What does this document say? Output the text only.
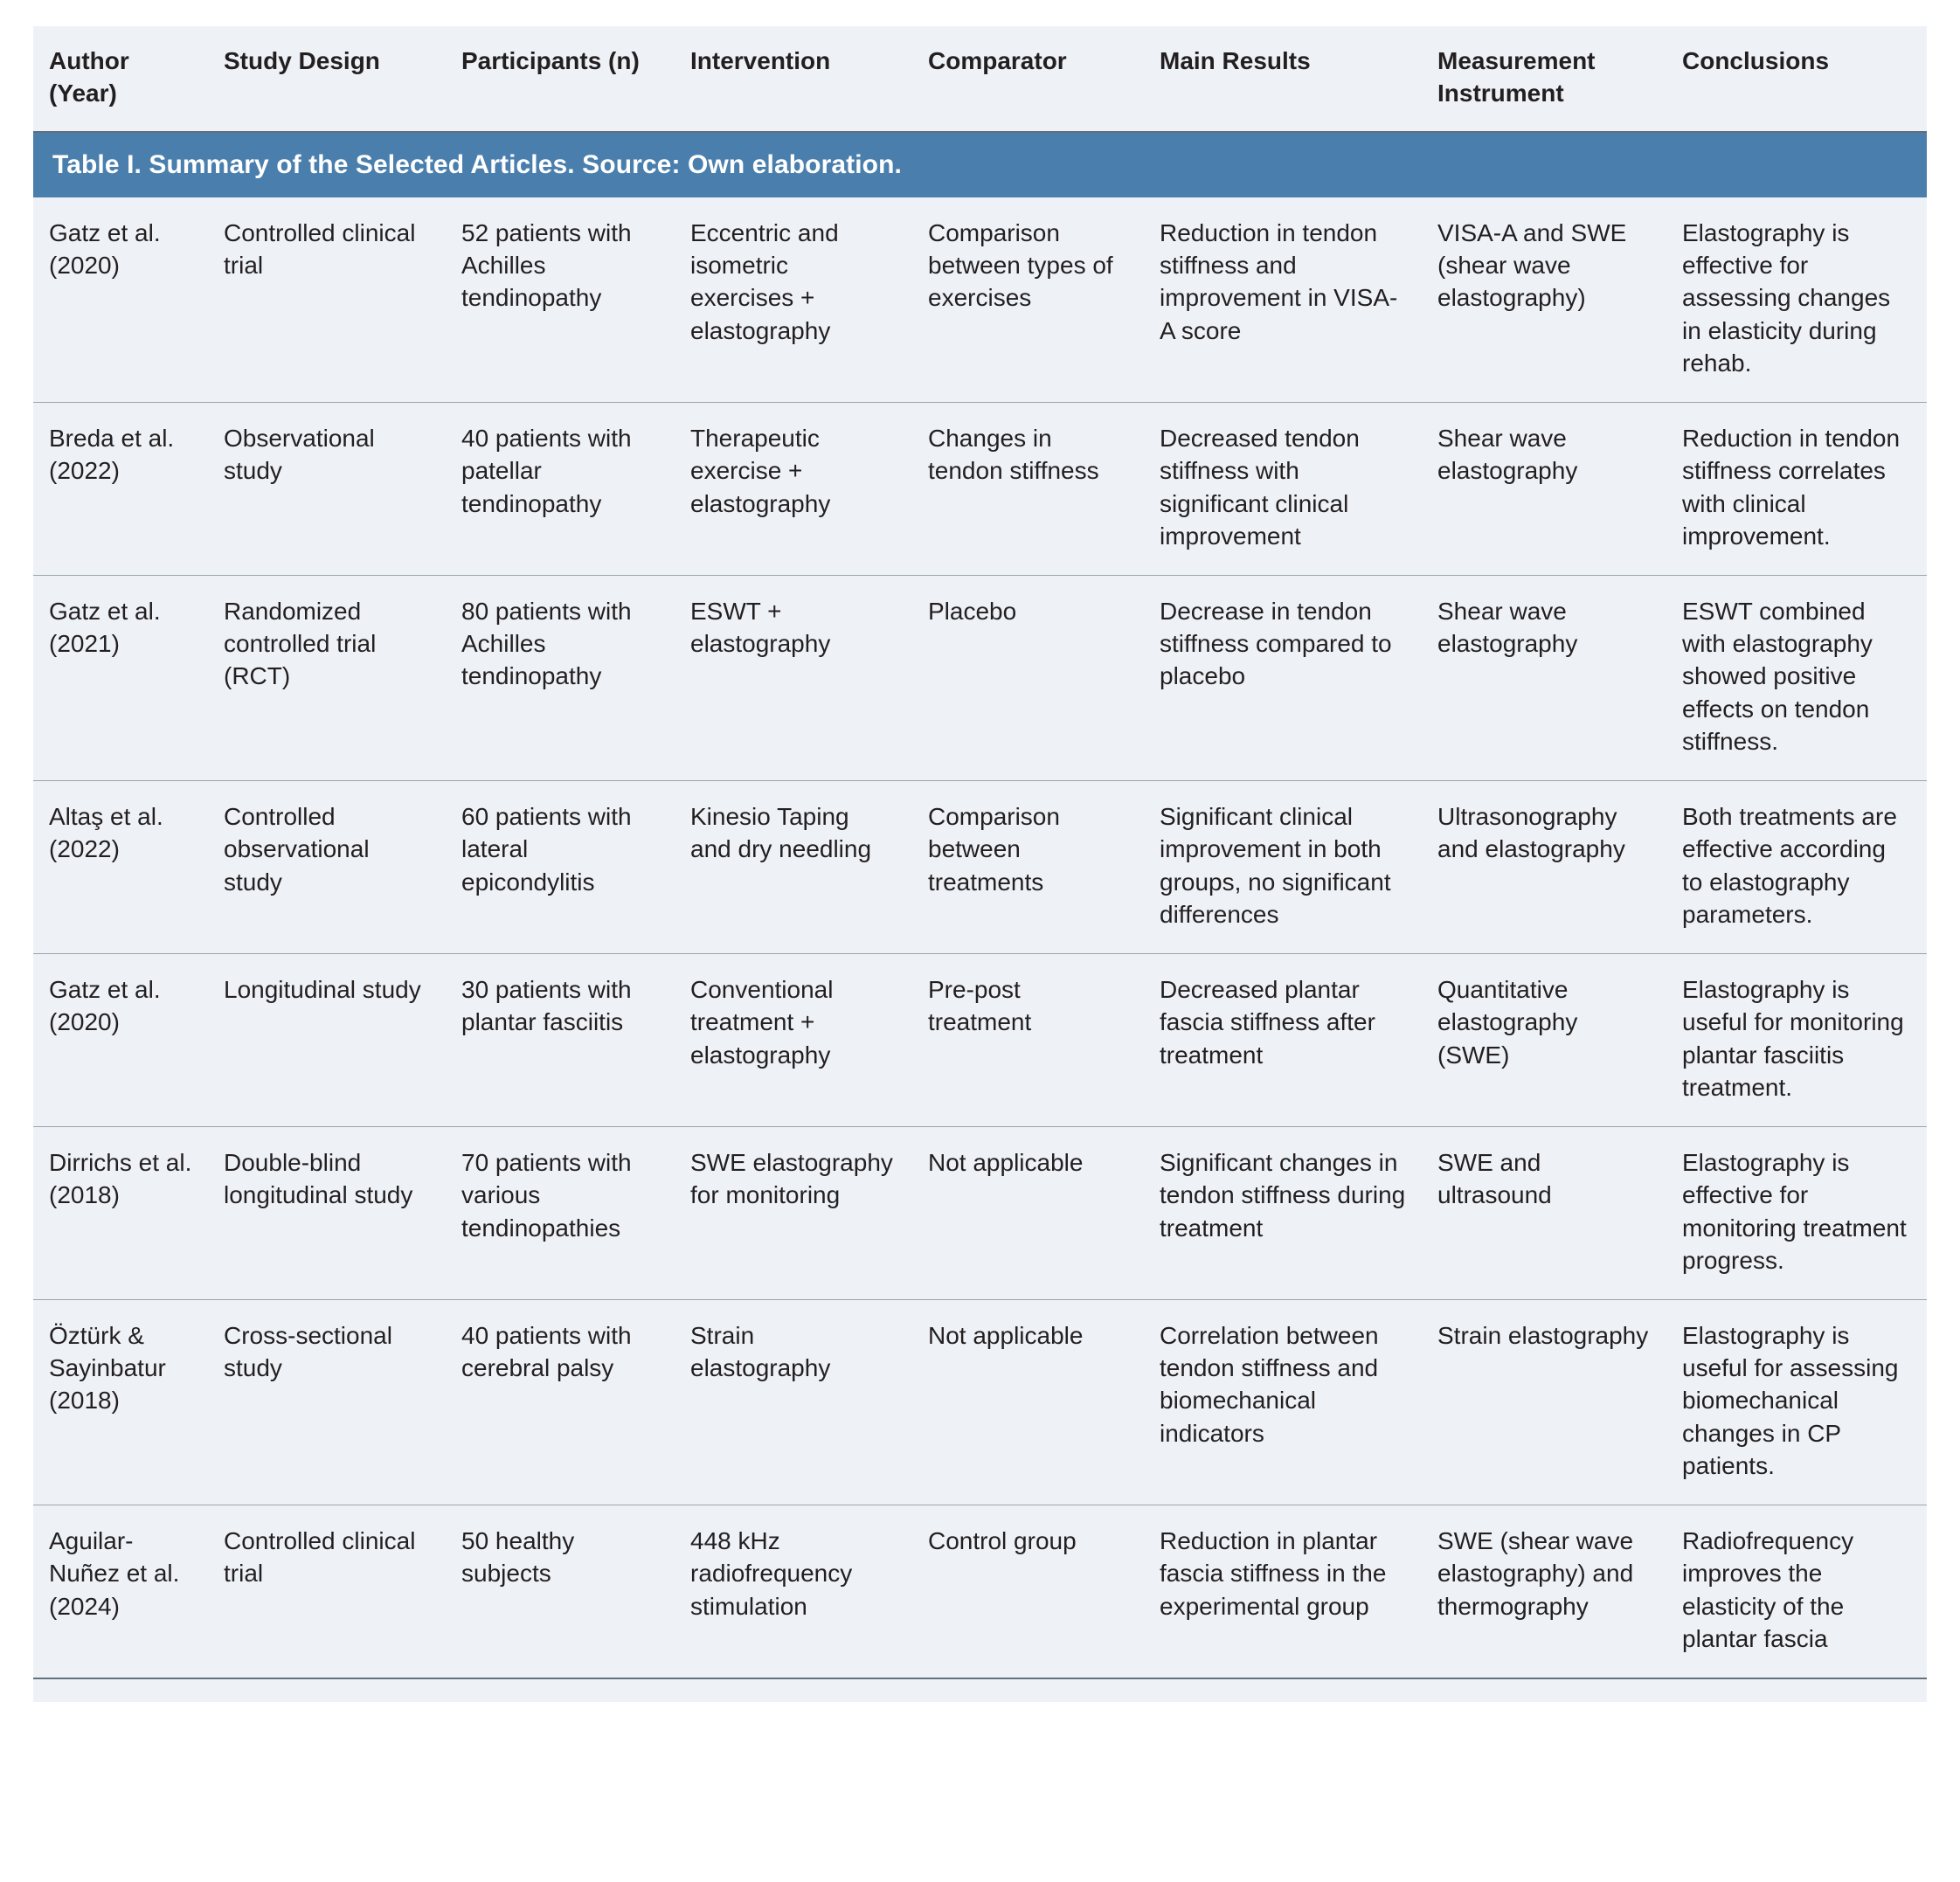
Table I. Summary of the Selected Articles. Source: Own elaboration.							
Author (Year)	Study Design	Participants (n)	Intervention	Comparator	Main Results	Measurement Instrument	Conclusions
Gatz et al. (2020)	Controlled clinical trial	52 patients with Achilles tendinopathy	Eccentric and isometric exercises + elastography	Comparison between types of exercises	Reduction in tendon stiffness and improvement in VISA-A score	VISA-A and SWE (shear wave elastography)	Elastography is effective for assessing changes in elasticity during rehab.
Breda et al. (2022)	Observational study	40 patients with patellar tendinopathy	Therapeutic exercise + elastography	Changes in tendon stiffness	Decreased tendon stiffness with significant clinical improvement	Shear wave elastography	Reduction in tendon stiffness correlates with clinical improvement.
Gatz et al. (2021)	Randomized controlled trial (RCT)	80 patients with Achilles tendinopathy	ESWT + elastography	Placebo	Decrease in tendon stiffness compared to placebo	Shear wave elastography	ESWT combined with elastography showed positive effects on tendon stiffness.
Altaş et al. (2022)	Controlled observational study	60 patients with lateral epicondylitis	Kinesio Taping and dry needling	Comparison between treatments	Significant clinical improvement in both groups, no significant differences	Ultrasonography and elastography	Both treatments are effective according to elastography parameters.
Gatz et al. (2020)	Longitudinal study	30 patients with plantar fasciitis	Conventional treatment + elastography	Pre-post treatment	Decreased plantar fascia stiffness after treatment	Quantitative elastography (SWE)	Elastography is useful for monitoring plantar fasciitis treatment.
Dirrichs et al. (2018)	Double-blind longitudinal study	70 patients with various tendinopathies	SWE elastography for monitoring	Not applicable	Significant changes in tendon stiffness during treatment	SWE and ultrasound	Elastography is effective for monitoring treatment progress.
Öztürk & Sayinbatur (2018)	Cross-sectional study	40 patients with cerebral palsy	Strain elastography	Not applicable	Correlation between tendon stiffness and biomechanical indicators	Strain elastography	Elastography is useful for assessing biomechanical changes in CP patients.
Aguilar-Nuñez et al. (2024)	Controlled clinical trial	50 healthy subjects	448 kHz radiofrequency stimulation	Control group	Reduction in plantar fascia stiffness in the experimental group	SWE (shear wave elastography) and thermography	Radiofrequency improves the elasticity of the plantar fascia
